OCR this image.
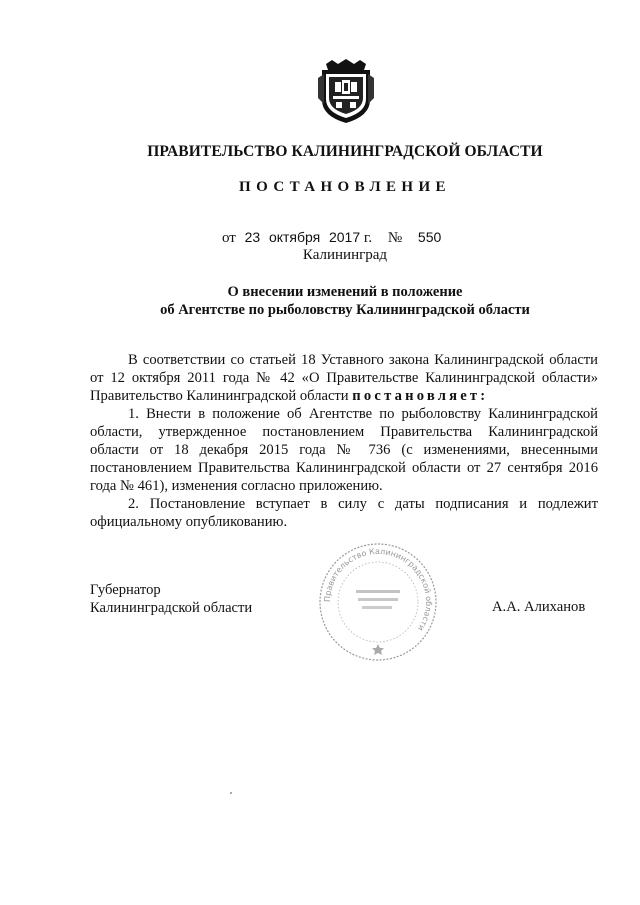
ПРАВИТЕЛЬСТВО КАЛИНИНГРАДСКОЙ ОБЛАСТИ
ПОСТАНОВЛЕНИЕ
от 23 октября 2017 г. № 550
Калининград
О внесении изменений в положение
об Агентстве по рыболовству Калининградской области

В соответствии со статьей 18 Уставного закона Калининградской области от 12 октября 2011 года № 42 «О Правительстве Калининградской области» Правительство Калининградской области постановляет:

1. Внести в положение об Агентстве по рыболовству Калининградской области, утвержденное постановлением Правительства Калининградской области от 18 декабря 2015 года № 736 (с изменениями, внесенными постановлением Правительства Калининградской области от 27 сентября 2016 года № 461), изменения согласно приложению.

2. Постановление вступает в силу с даты подписания и подлежит официальному опубликованию.

Губернатор
Калининградской области
Правительство Калининградской области
А.А. Алиханов
